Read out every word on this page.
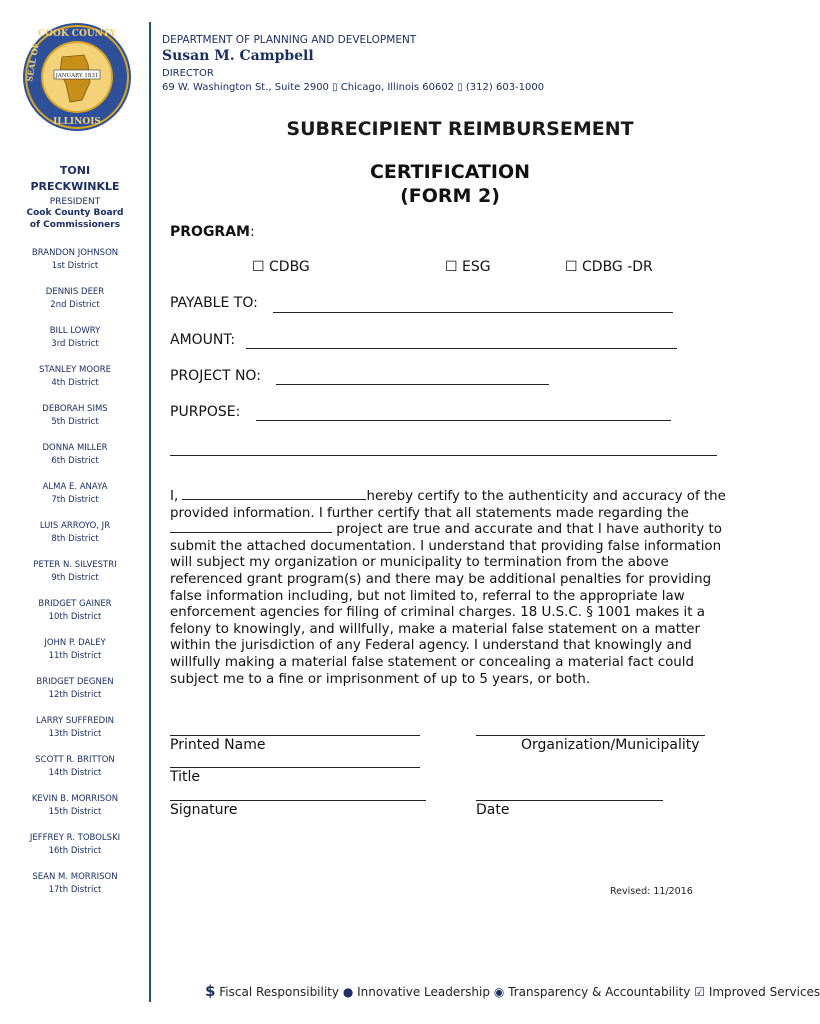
JANUARY 1831
COOK COUNTY
ILLINOIS
SEAL OF
DEPARTMENT OF PLANNING AND DEVELOPMENT
Susan M. Campbell
DIRECTOR
69 W. Washington St., Suite 2900 ▯ Chicago, Illinois 60602 ▯ (312) 603-1000
TONI
PRECKWINKLE
PRESIDENT
Cook County Board
of Commissioners
BRANDON JOHNSON
1st District
DENNIS DEER
2nd District
BILL LOWRY
3rd District
STANLEY MOORE
4th District
DEBORAH SIMS
5th District
DONNA MILLER
6th District
ALMA E. ANAYA
7th District
LUIS ARROYO, JR
8th District
PETER N. SILVESTRI
9th District
BRIDGET GAINER
10th District
JOHN P. DALEY
11th District
BRIDGET DEGNEN
12th District
LARRY SUFFREDIN
13th District
SCOTT R. BRITTON
14th District
KEVIN B. MORRISON
15th District
JEFFREY R. TOBOLSKI
16th District
SEAN M. MORRISON
17th District
SUBRECIPIENT REIMBURSEMENT
CERTIFICATION
(FORM 2)
PROGRAM:
☐ CDBG	☐ ESG	☐ CDBG -DR
PAYABLE TO:
AMOUNT:
PROJECT NO:
PURPOSE:
I,	hereby certify to the authenticity and accuracy of the provided information. I further certify that all statements made regarding the  project are true and accurate and that I have authority to submit the attached documentation. I understand that providing false information will subject my organization or municipality to termination from the above referenced grant program(s) and there may be additional penalties for providing false information including, but not limited to, referral to the appropriate law enforcement agencies for filing of criminal charges. 18 U.S.C. § 1001 makes it a felony to knowingly, and willfully, make a material false statement on a matter within the jurisdiction of any Federal agency. I understand that knowingly and willfully making a material false statement or concealing a material fact could subject me to a fine or imprisonment of up to 5 years, or both.
Printed Name	Organization/Municipality
Title
Signature	Date
Revised: 11/2016
$ Fiscal Responsibility ● Innovative Leadership ◉ Transparency & Accountability ☑ Improved Services
